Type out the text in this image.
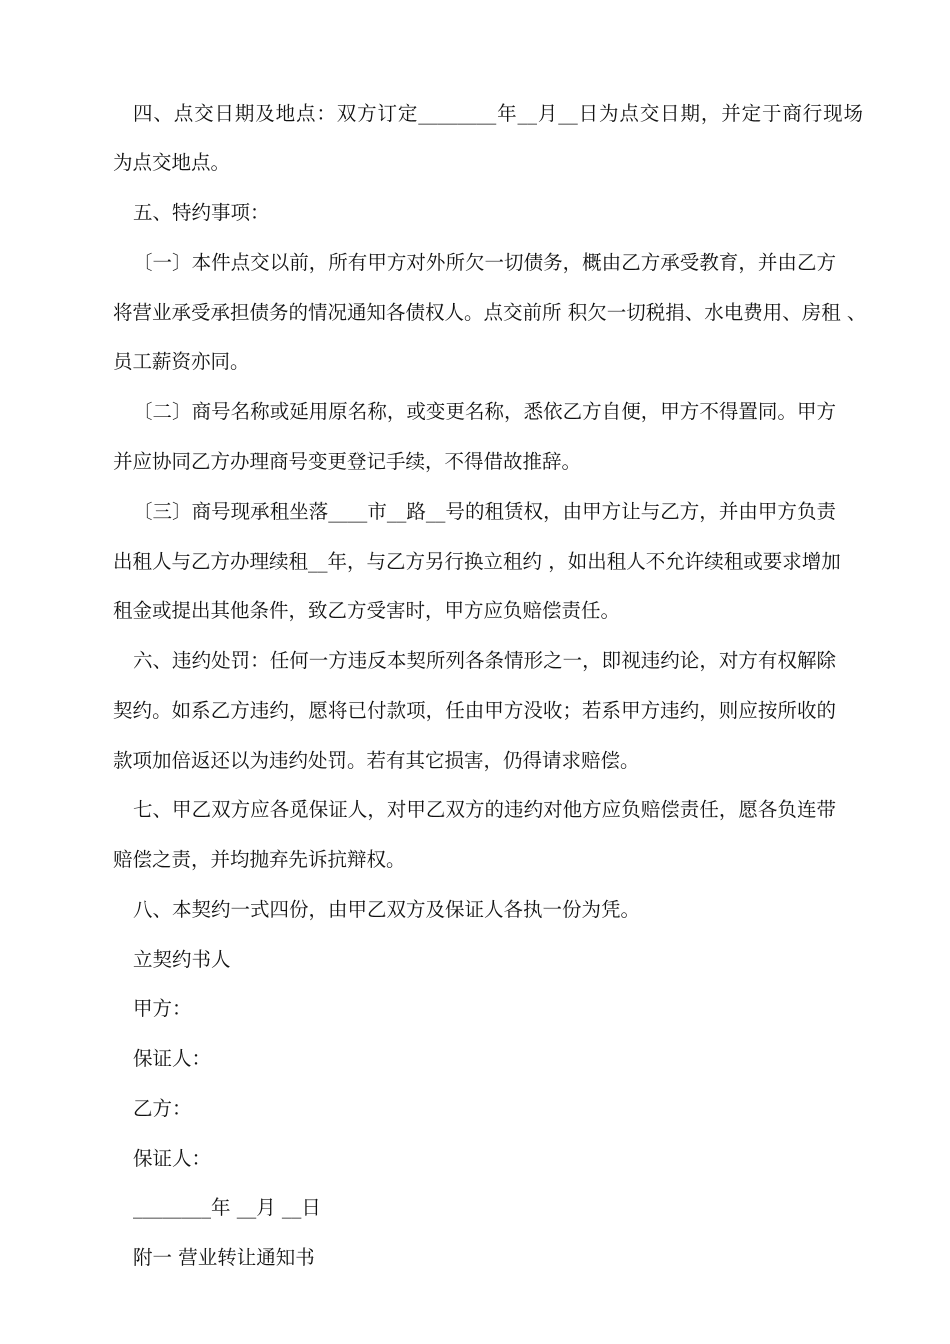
四、点交日期及地点：双方订定________年__月__日为点交日期，并定于商行现场
为点交地点。
五、特约事项：
〔一〕本件点交以前，所有甲方对外所欠一切债务，概由乙方承受教育，并由乙方
将营业承受承担债务的情况通知各债权人。点交前所 积欠一切税捐、水电费用、房租 、
员工薪资亦同。
〔二〕商号名称或延用原名称，或变更名称，悉依乙方自便，甲方不得置同。甲方
并应协同乙方办理商号变更登记手续，不得借故推辞。
〔三〕商号现承租坐落____市__路__号的租赁权，由甲方让与乙方，并由甲方负责
出租人与乙方办理续租__年，与乙方另行换立租约 ，如出租人不允许续租或要求增加
租金或提出其他条件，致乙方受害时，甲方应负赔偿责任。
六、违约处罚：任何一方违反本契所列各条情形之一，即视违约论，对方有权解除
契约。如系乙方违约，愿将已付款项，任由甲方没收；若系甲方违约，则应按所收的
款项加倍返还以为违约处罚。若有其它损害，仍得请求赔偿。
七、甲乙双方应各觅保证人，对甲乙双方的违约对他方应负赔偿责任，愿各负连带
赔偿之责，并均抛弃先诉抗辩权。
八、本契约一式四份，由甲乙双方及保证人各执一份为凭。
立契约书人
甲方：
保证人：
乙方：
保证人：
________年 __月 __日
附一 营业转让通知书
